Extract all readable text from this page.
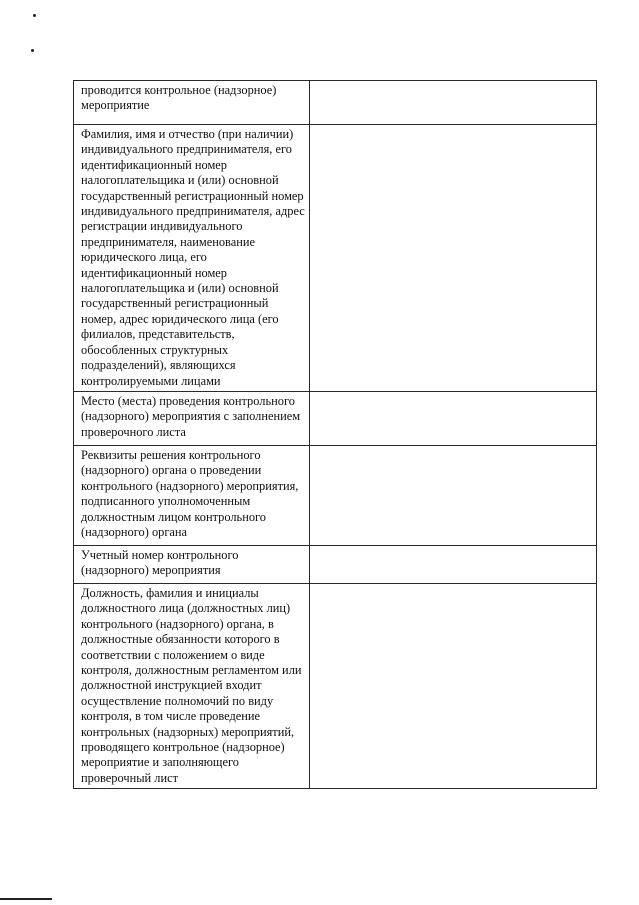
проводится контрольное (надзорное) мероприятие	
Фамилия, имя и отчество (при наличии) индивидуального предпринимателя, его идентификационный номер налогоплательщика и (или) основной государственный регистрационный номер индивидуального предпринимателя, адрес регистрации индивидуального предпринимателя, наименование юридического лица, его идентификационный номер налогоплательщика и (или) основной государственный регистрационный номер, адрес юридического лица (его филиалов, представительств, обособленных структурных подразделений), являющихся контролируемыми лицами	
Место (места) проведения контрольного (надзорного) мероприятия с заполнением проверочного листа	
Реквизиты решения контрольного (надзорного) органа о проведении контрольного (надзорного) мероприятия, подписанного уполномоченным должностным лицом контрольного (надзорного) органа	
Учетный номер контрольного (надзорного) мероприятия	
Должность, фамилия и инициалы должностного лица (должностных лиц) контрольного (надзорного) органа, в должностные обязанности которого в соответствии с положением о виде контроля, должностным регламентом или должностной инструкцией входит осуществление полномочий по виду контроля, в том числе проведение контрольных (надзорных) мероприятий, проводящего контрольное (надзорное) мероприятие и заполняющего проверочный лист	
